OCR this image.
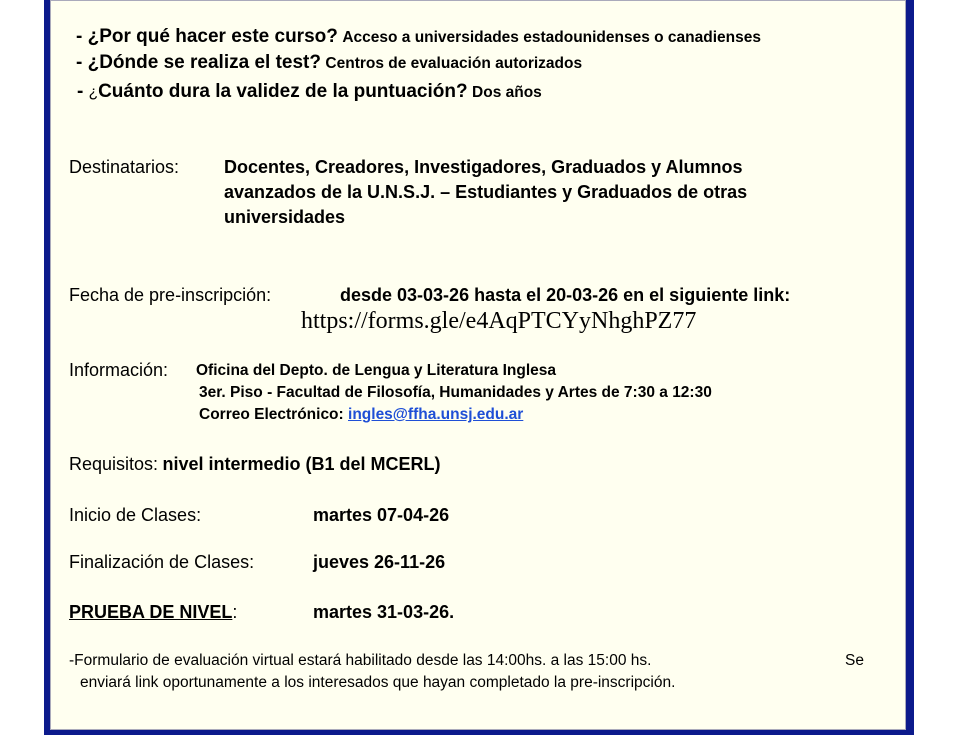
- ¿Por qué hacer este curso? Acceso a universidades estadounidenses o canadienses
- ¿Dónde se realiza el test? Centros de evaluación autorizados
- ¿Cuánto dura la validez de la puntuación? Dos años
Destinatarios: Docentes, Creadores, Investigadores, Graduados y Alumnos
avanzados de la U.N.S.J. – Estudiantes y Graduados de otras
universidades
Fecha de pre-inscripción:	desde 03-03-26 hasta el 20-03-26 en el siguiente link:
https://forms.gle/e4AqPTCYyNhghPZ77
Información: Oficina del Depto. de Lengua y Literatura Inglesa
3er. Piso - Facultad de Filosofía, Humanidades y Artes de 7:30 a 12:30
Correo Electrónico: ingles@ffha.unsj.edu.ar
Requisitos: nivel intermedio (B1 del MCERL)
Inicio de Clases:	martes 07-04-26
Finalización de Clases:	jueves 26-11-26
PRUEBA DE NIVEL:	martes 31-03-26.
-Formulario de evaluación virtual estará habilitado desde las 14:00hs. a las 15:00 hs.	Se
enviará link oportunamente a los interesados que hayan completado la pre-inscripción.
